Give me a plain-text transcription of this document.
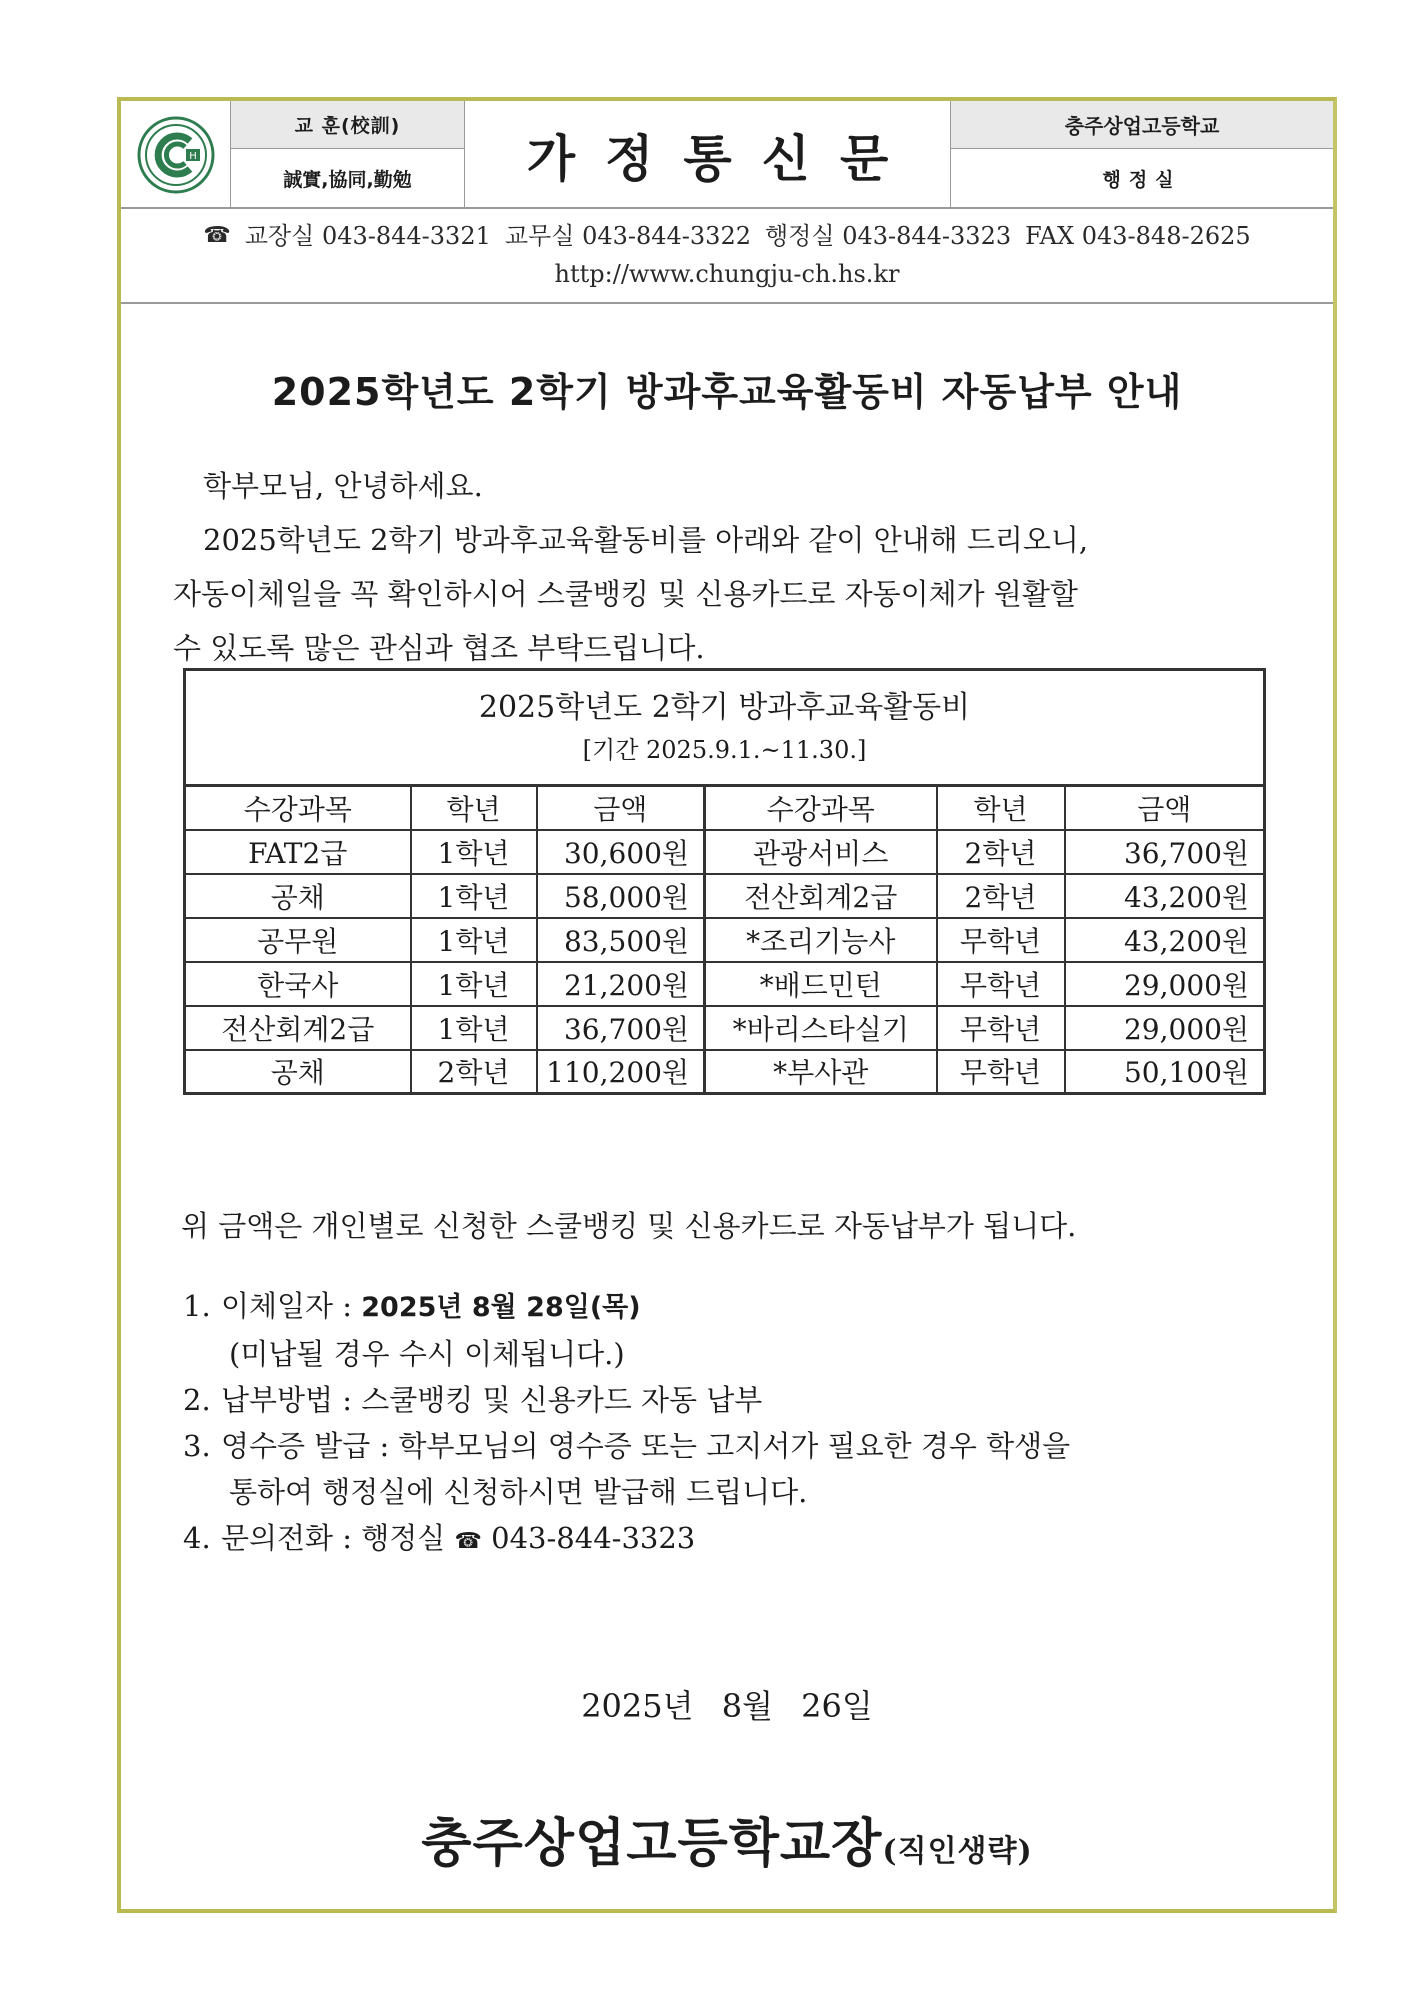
H
교 훈(校訓)
誠實,協同,勤勉	가정통신문
충주상업고등학교
행정실
☎ 교장실 043-844-3321 교무실 043-844-3322 행정실 043-844-3323 FAX 043-848-2625
http://www.chungju-ch.hs.kr
2025학년도 2학기 방과후교육활동비 자동납부 안내
학부모님, 안녕하세요.
2025학년도 2학기 방과후교육활동비를 아래와 같이 안내해 드리오니,
자동이체일을 꼭 확인하시어 스쿨뱅킹 및 신용카드로 자동이체가 원활할
수 있도록 많은 관심과 협조 부탁드립니다.
2025학년도 2학기 방과후교육활동비
[기간 2025.9.1.~11.30.]					

수강과목	학년	금액	수강과목	학년	금액
FAT2급	1학년	30,600원	관광서비스	2학년	36,700원
공채	1학년	58,000원	전산회계2급	2학년	43,200원
공무원	1학년	83,500원	*조리기능사	무학년	43,200원
한국사	1학년	21,200원	*배드민턴	무학년	29,000원
전산회계2급	1학년	36,700원	*바리스타실기	무학년	29,000원
공채	2학년	110,200원	*부사관	무학년	50,100원
위 금액은 개인별로 신청한 스쿨뱅킹 및 신용카드로 자동납부가 됩니다.
1. 이체일자 : 2025년 8월 28일(목)
(미납될 경우 수시 이체됩니다.)
2. 납부방법 : 스쿨뱅킹 및 신용카드 자동 납부
3. 영수증 발급 : 학부모님의 영수증 또는 고지서가 필요한 경우 학생을
통하여 행정실에 신청하시면 발급해 드립니다.
4. 문의전화 : 행정실 ☎ 043-844-3323
2025년 8월 26일
충주상업고등학교장(직인생략)
